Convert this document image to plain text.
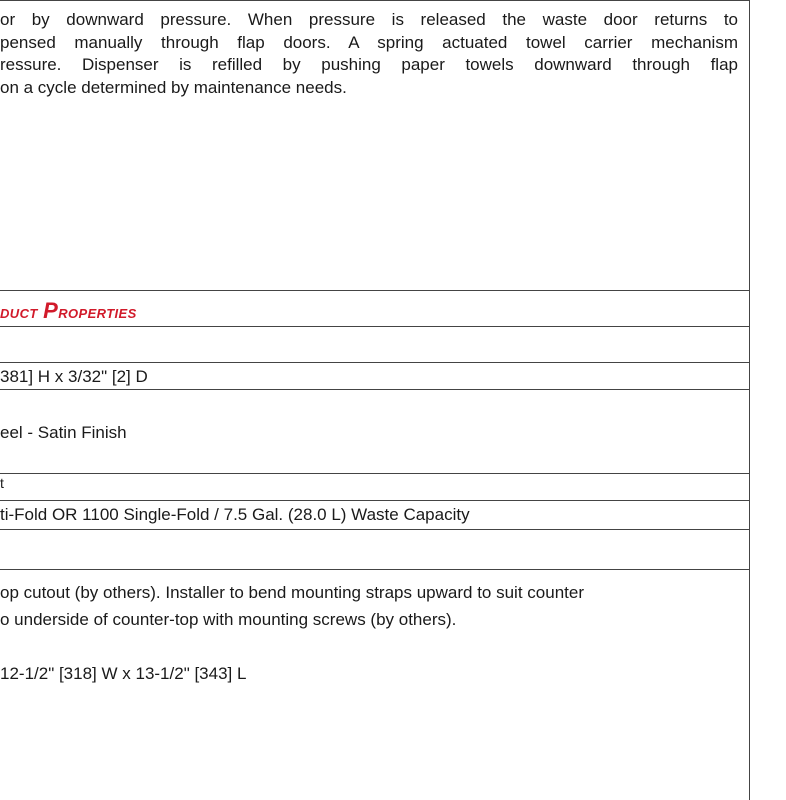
or by downward pressure. When pressure is released the waste door returns to
pensed manually through flap doors. A spring actuated towel carrier mechanism
ressure. Dispenser is refilled by pushing paper towels downward through flap
on a cycle determined by maintenance needs.
duct Properties
381] H x 3/32" [2] D
eel - Satin Finish
t
ti-Fold OR 1100 Single-Fold / 7.5 Gal. (28.0 L) Waste Capacity
op cutout (by others). Installer to bend mounting straps upward to suit counter
o underside of counter-top with mounting screws (by others).
12-1/2" [318] W x 13-1/2" [343] L
